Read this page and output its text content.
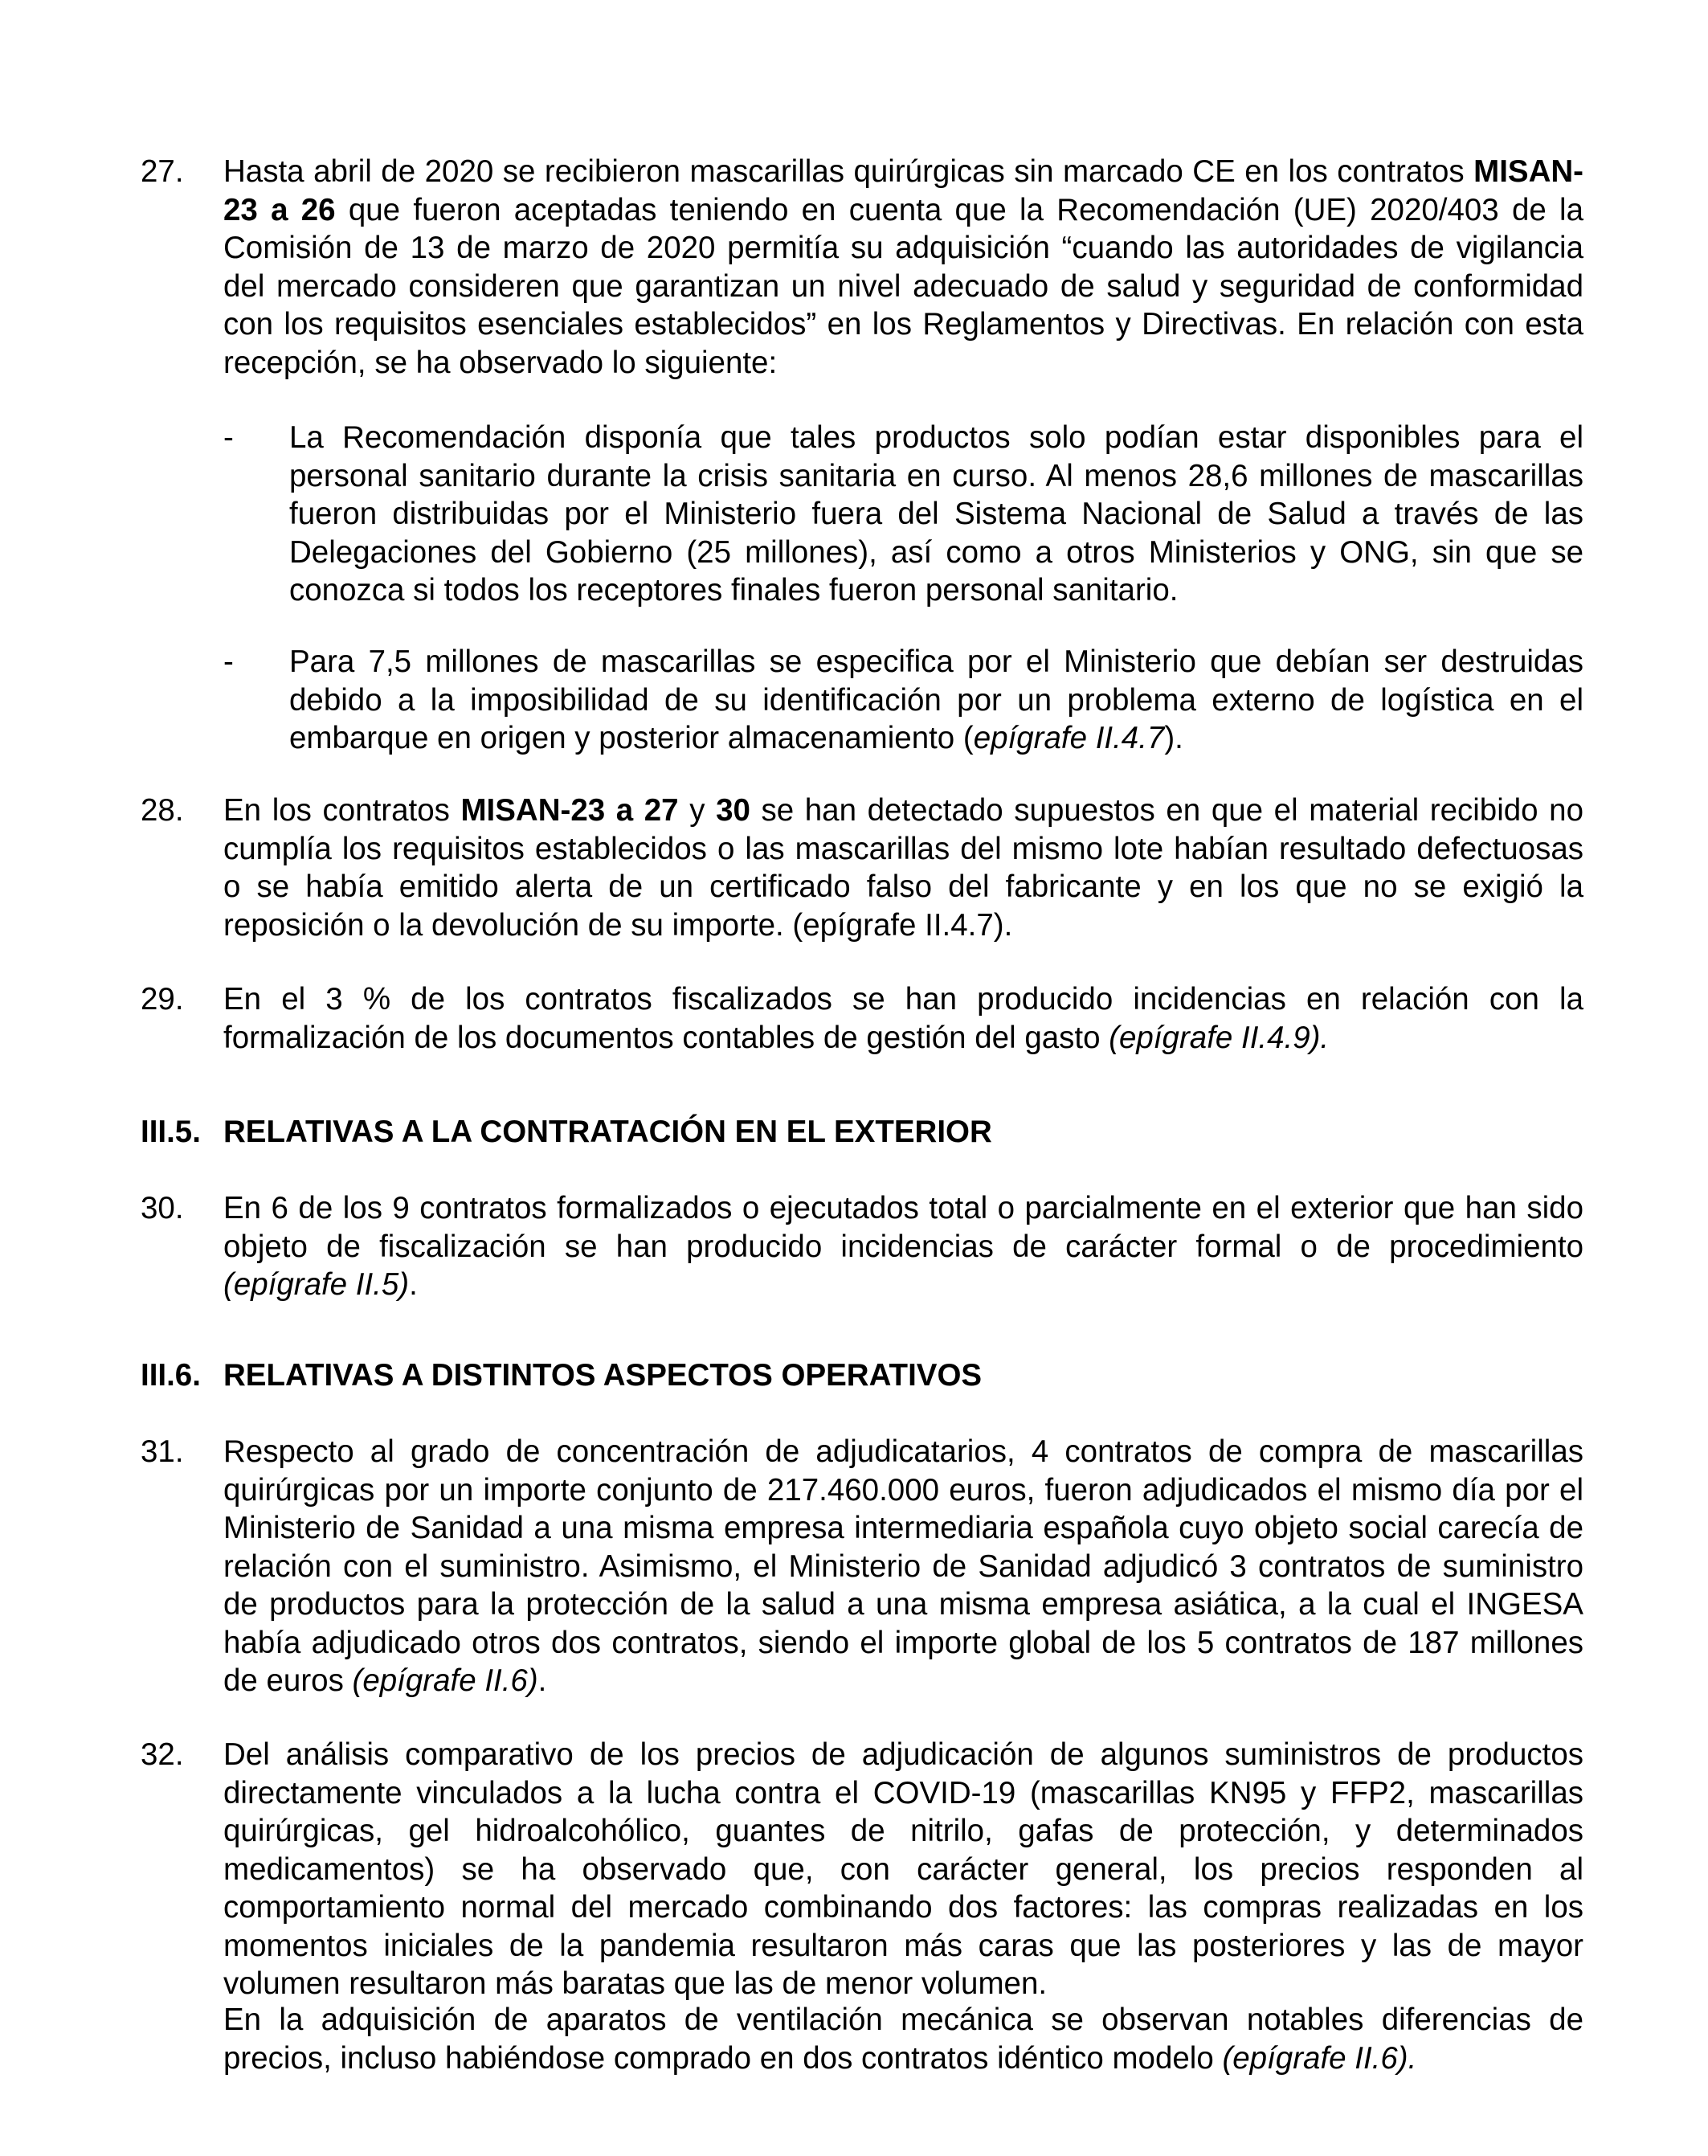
27. Hasta abril de 2020 se recibieron mascarillas quirúrgicas sin marcado CE en los contratos MISAN-23 a 26 que fueron aceptadas teniendo en cuenta que la Recomendación (UE) 2020/403 de la Comisión de 13 de marzo de 2020 permitía su adquisición “cuando las autoridades de vigilancia del mercado consideren que garantizan un nivel adecuado de salud y seguridad de conformidad con los requisitos esenciales establecidos” en los Reglamentos y Directivas. En relación con esta recepción, se ha observado lo siguiente:
- La Recomendación disponía que tales productos solo podían estar disponibles para el personal sanitario durante la crisis sanitaria en curso. Al menos 28,6 millones de mascarillas fueron distribuidas por el Ministerio fuera del Sistema Nacional de Salud a través de las Delegaciones del Gobierno (25 millones), así como a otros Ministerios y ONG, sin que se conozca si todos los receptores finales fueron personal sanitario.
- Para 7,5 millones de mascarillas se especifica por el Ministerio que debían ser destruidas debido a la imposibilidad de su identificación por un problema externo de logística en el embarque en origen y posterior almacenamiento (epígrafe II.4.7).
28. En los contratos MISAN-23 a 27 y 30 se han detectado supuestos en que el material recibido no cumplía los requisitos establecidos o las mascarillas del mismo lote habían resultado defectuosas o se había emitido alerta de un certificado falso del fabricante y en los que no se exigió la reposición o la devolución de su importe. (epígrafe II.4.7).
29. En el 3 % de los contratos fiscalizados se han producido incidencias en relación con la formalización de los documentos contables de gestión del gasto (epígrafe II.4.9).
III.5. RELATIVAS A LA CONTRATACIÓN EN EL EXTERIOR
30. En 6 de los 9 contratos formalizados o ejecutados total o parcialmente en el exterior que han sido objeto de fiscalización se han producido incidencias de carácter formal o de procedimiento (epígrafe II.5).
III.6. RELATIVAS A DISTINTOS ASPECTOS OPERATIVOS
31. Respecto al grado de concentración de adjudicatarios, 4 contratos de compra de mascarillas quirúrgicas por un importe conjunto de 217.460.000 euros, fueron adjudicados el mismo día por el Ministerio de Sanidad a una misma empresa intermediaria española cuyo objeto social carecía de relación con el suministro. Asimismo, el Ministerio de Sanidad adjudicó 3 contratos de suministro de productos para la protección de la salud a una misma empresa asiática, a la cual el INGESA había adjudicado otros dos contratos, siendo el importe global de los 5 contratos de 187 millones de euros (epígrafe II.6).
32. Del análisis comparativo de los precios de adjudicación de algunos suministros de productos directamente vinculados a la lucha contra el COVID-19 (mascarillas KN95 y FFP2, mascarillas quirúrgicas, gel hidroalcohólico, guantes de nitrilo, gafas de protección, y determinados medicamentos) se ha observado que, con carácter general, los precios responden al comportamiento normal del mercado combinando dos factores: las compras realizadas en los momentos iniciales de la pandemia resultaron más caras que las posteriores y las de mayor volumen resultaron más baratas que las de menor volumen.
En la adquisición de aparatos de ventilación mecánica se observan notables diferencias de precios, incluso habiéndose comprado en dos contratos idéntico modelo (epígrafe II.6).
